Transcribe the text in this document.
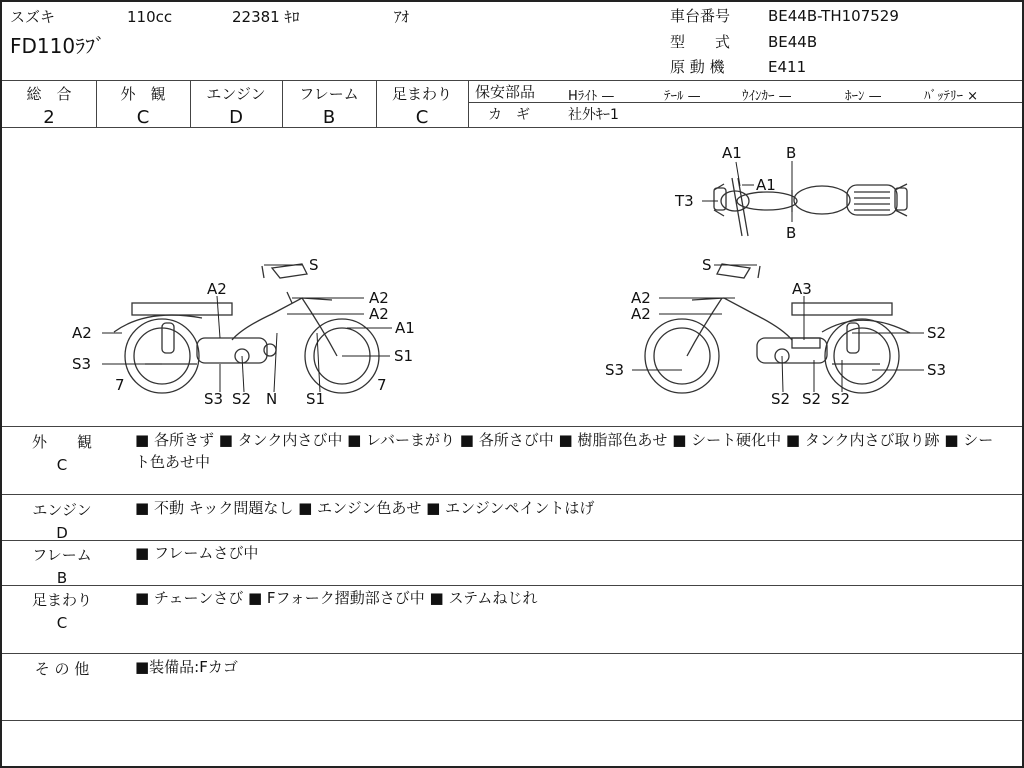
スズキ	110cc	22381 ｷﾛ	ｱｵ
FD110ﾗﾌﾞ
車台番号	BE44B-TH107529
型　　式	BE44B
原 動 機	E411
総　合
2
外　観
C
エンジン
D
フレーム
B
足まわり
C
保安部品	Hﾗｲﾄ —	ﾃｰﾙ —	ｳｲﾝｶｰ —	ﾎｰﾝ —	ﾊﾞｯﾃﾘｰ ×
カ　ギ	社外ｷｰ1
A1
A1
B
B
T3
S
A2	A2
A2
A1
A2
S1
S3
7	7
S3 S2 N S1
S
A2
A2
A3
S2
S3	S3
S2 S2 S2
外　　観
C
■ 各所きず ■ タンク内さび中 ■ レバーまがり ■ 各所さび中 ■ 樹脂部色あせ ■ シート硬化中 ■ タンク内さび取り跡 ■ シート色あせ中
エンジン
D
■ 不動 キック問題なし ■ エンジン色あせ ■ エンジンペイントはげ
フレーム
B
■ フレームさび中
足まわり
C
■ チェーンさび ■ Fフォーク摺動部さび中 ■ ステムねじれ
そ の 他	■装備品:Fカゴ
